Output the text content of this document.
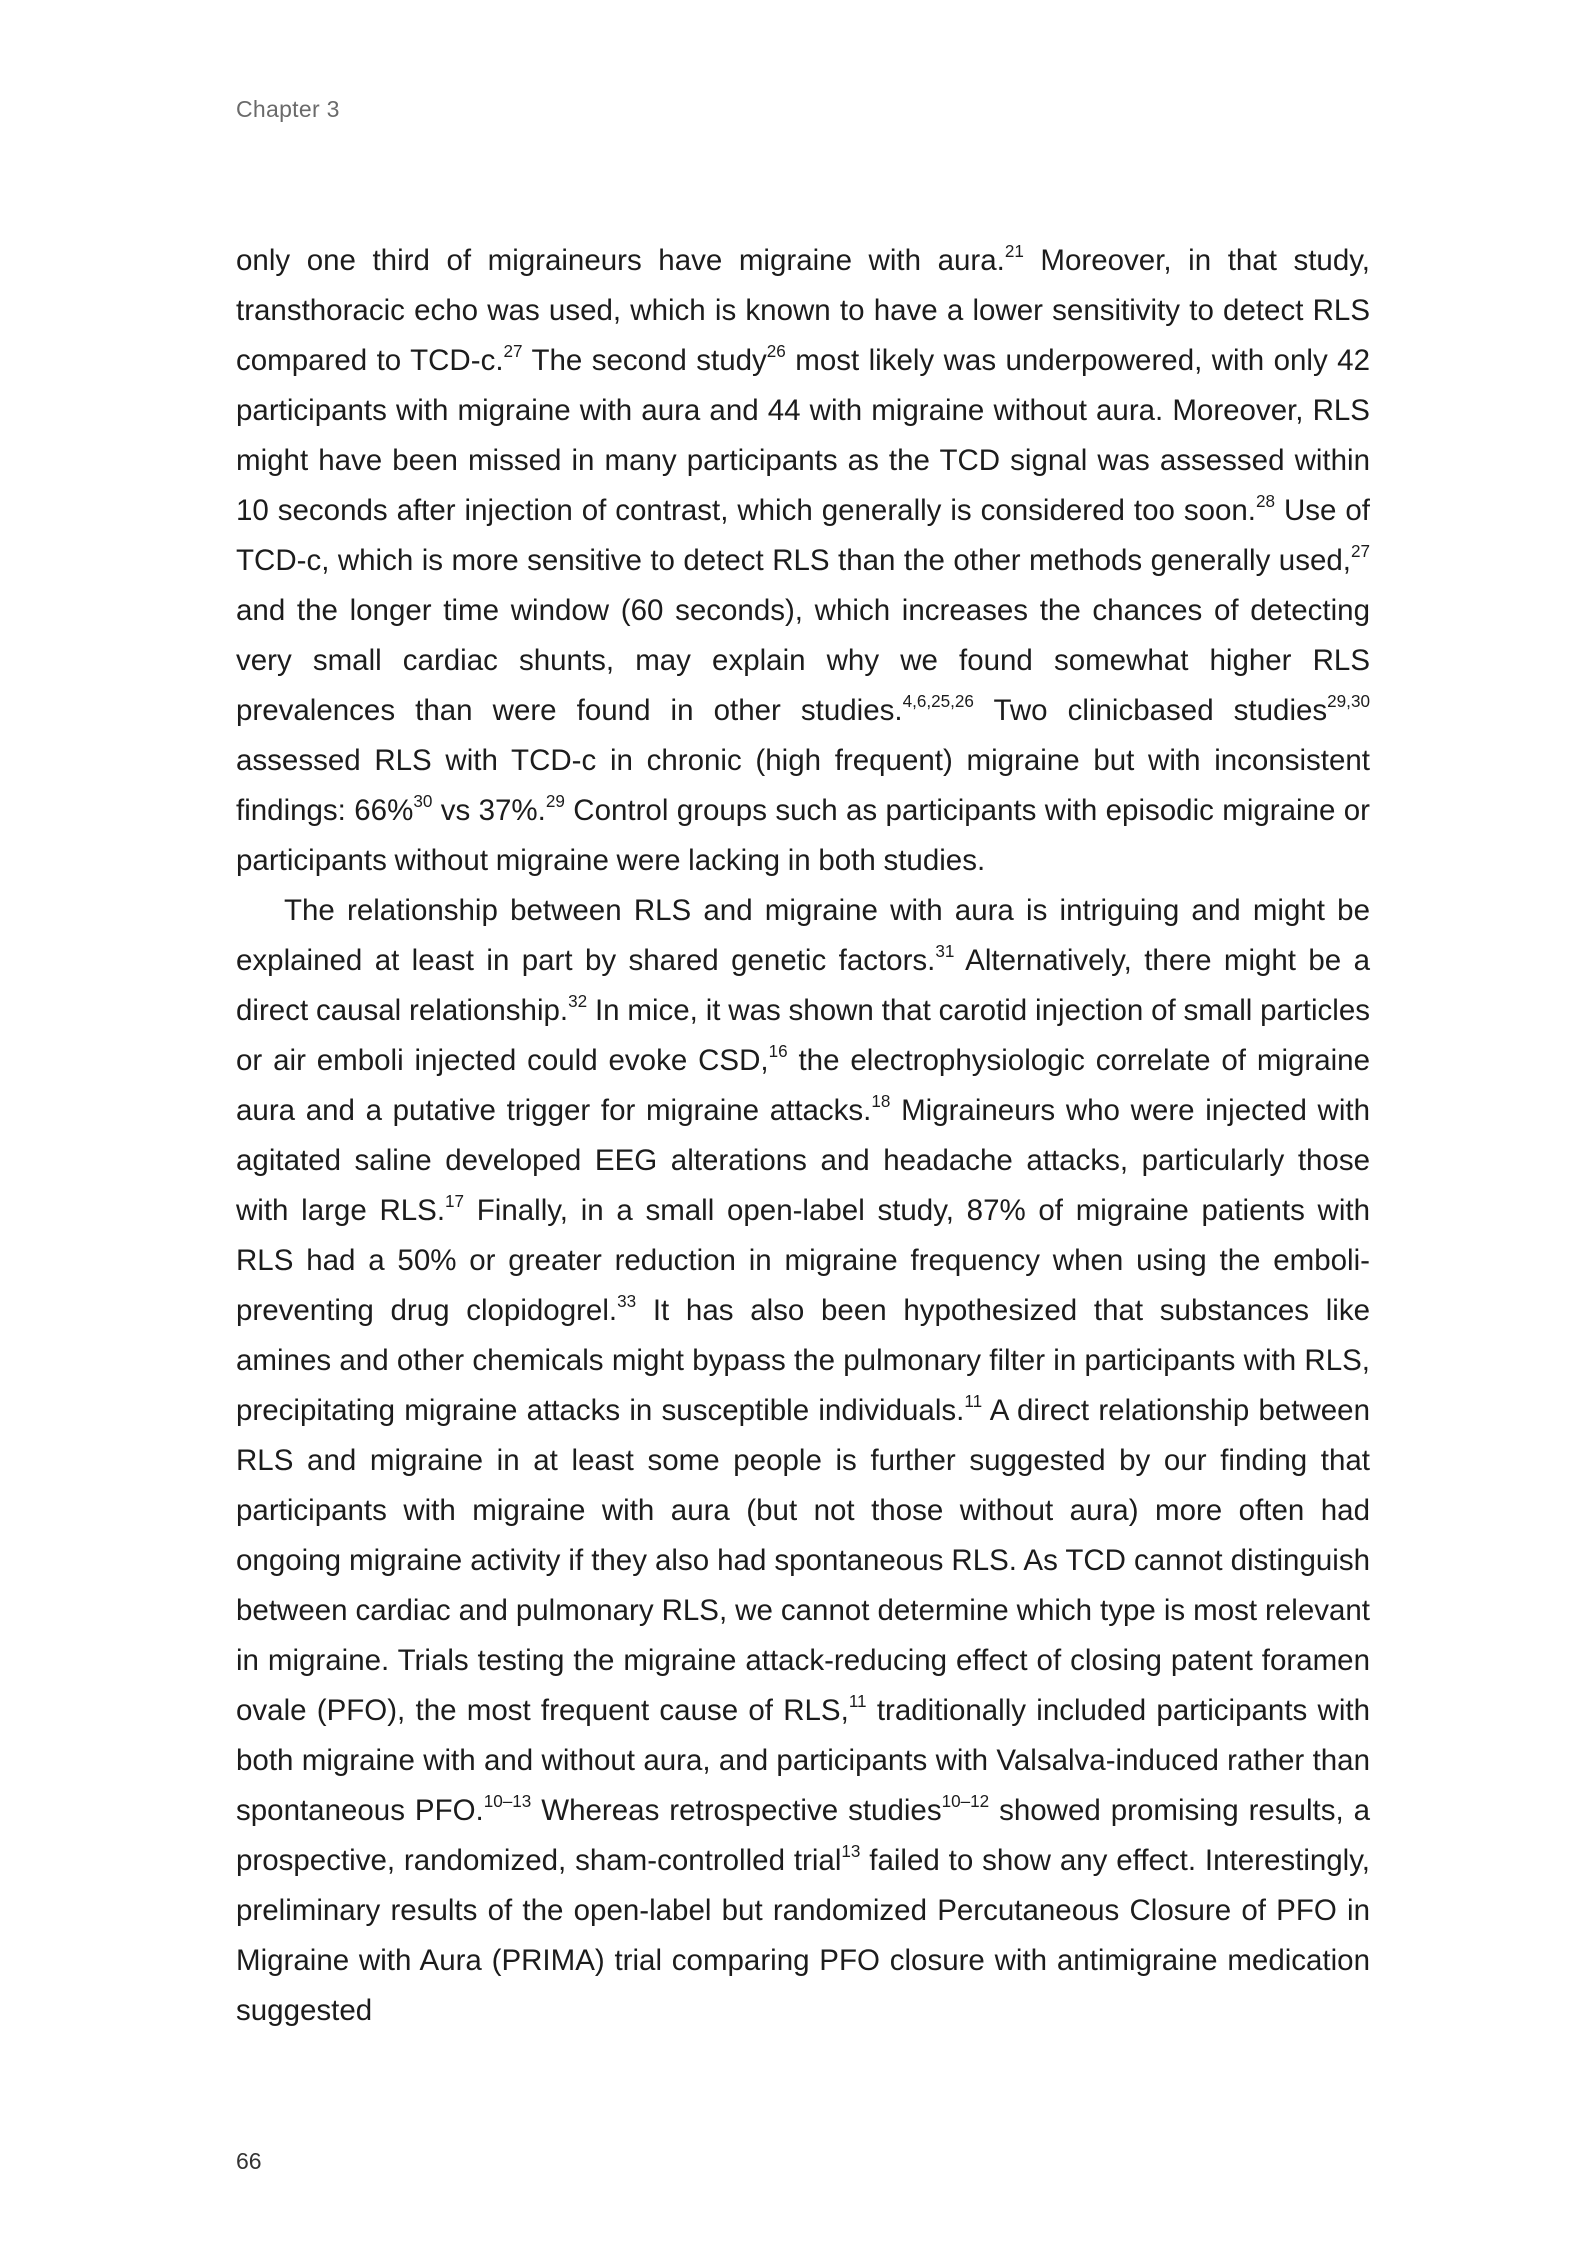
Chapter 3

only one third of migraineurs have migraine with aura.$^{21}$ Moreover, in that study, transthoracic echo was used, which is known to have a lower sensitivity to detect RLS compared to TCD-c.$^{27}$ The second study$^{26}$ most likely was underpowered, with only 42 participants with migraine with aura and 44 with migraine without aura. Moreover, RLS might have been missed in many participants as the TCD signal was assessed within 10 seconds after injection of contrast, which generally is considered too soon.$^{28}$ Use of TCD-c, which is more sensitive to detect RLS than the other methods generally used,$^{27}$ and the longer time window (60 seconds), which increases the chances of detecting very small cardiac shunts, may explain why we found somewhat higher RLS prevalences than were found in other studies.$^{4,6,25,26}$ Two clinicbased studies$^{29,30}$ assessed RLS with TCD-c in chronic (high frequent) migraine but with inconsistent findings: 66%$^{30}$ vs 37%.$^{29}$ Control groups such as participants with episodic migraine or participants without migraine were lacking in both studies.

The relationship between RLS and migraine with aura is intriguing and might be explained at least in part by shared genetic factors.$^{31}$ Alternatively, there might be a direct causal relationship.$^{32}$ In mice, it was shown that carotid injection of small particles or air emboli injected could evoke CSD,$^{16}$ the electrophysiologic correlate of migraine aura and a putative trigger for migraine attacks.$^{18}$ Migraineurs who were injected with agitated saline developed EEG alterations and headache attacks, particularly those with large RLS.$^{17}$ Finally, in a small open-label study, 87% of migraine patients with RLS had a 50% or greater reduction in migraine frequency when using the emboli-preventing drug clopidogrel.$^{33}$ It has also been hypothesized that substances like amines and other chemicals might bypass the pulmonary filter in participants with RLS, precipitating migraine attacks in susceptible individuals.$^{11}$ A direct relationship between RLS and migraine in at least some people is further suggested by our finding that participants with migraine with aura (but not those without aura) more often had ongoing migraine activity if they also had spontaneous RLS. As TCD cannot distinguish between cardiac and pulmonary RLS, we cannot determine which type is most relevant in migraine. Trials testing the migraine attack-reducing effect of closing patent foramen ovale (PFO), the most frequent cause of RLS,$^{11}$ traditionally included participants with both migraine with and without aura, and participants with Valsalva-induced rather than spontaneous PFO.$^{10-13}$ Whereas retrospective studies$^{10-12}$ showed promising results, a prospective, randomized, sham-controlled trial$^{13}$ failed to show any effect. Interestingly, preliminary results of the open-label but randomized Percutaneous Closure of PFO in Migraine with Aura (PRIMA) trial comparing PFO closure with antimigraine medication suggested

66
